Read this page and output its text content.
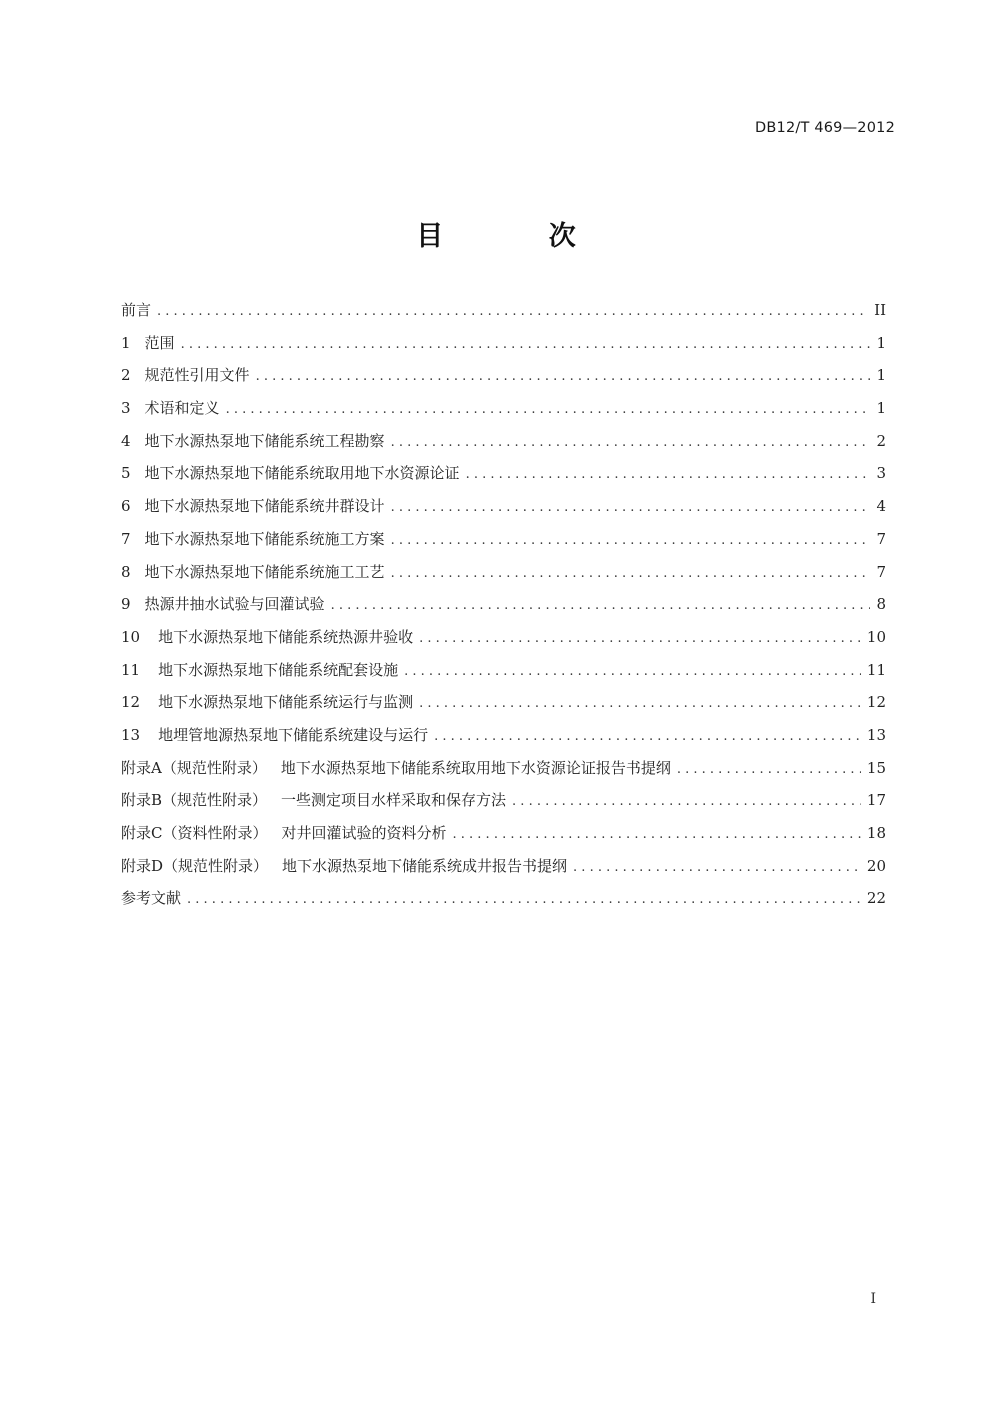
DB12/T 469—2012
目 次
前言 . . .	II
1 范围 . . .	1
2 规范性引用文件 . . .	1
3 术语和定义 . . .	1
4 地下水源热泵地下储能系统工程勘察 . . .	2
5 地下水源热泵地下储能系统取用地下水资源论证 . . .	3
6 地下水源热泵地下储能系统井群设计 . . .	4
7 地下水源热泵地下储能系统施工方案 . . .	7
8 地下水源热泵地下储能系统施工工艺 . . .	7
9 热源井抽水试验与回灌试验 . . .	8
10	地下水源热泵地下储能系统热源井验收 . . .	10
11	地下水源热泵地下储能系统配套设施 . . .	11
12	地下水源热泵地下储能系统运行与监测 . . .	12
13	地埋管地源热泵地下储能系统建设与运行 . . .	13
附录A（规范性附录） 地下水源热泵地下储能系统取用地下水资源论证报告书提纲 . . .	15
附录B（规范性附录） 一些测定项目水样采取和保存方法 . . .	17
附录C（资料性附录） 对井回灌试验的资料分析 . . .	18
附录D（规范性附录） 地下水源热泵地下储能系统成井报告书提纲 . . .	20
参考文献 . . .	22
I
